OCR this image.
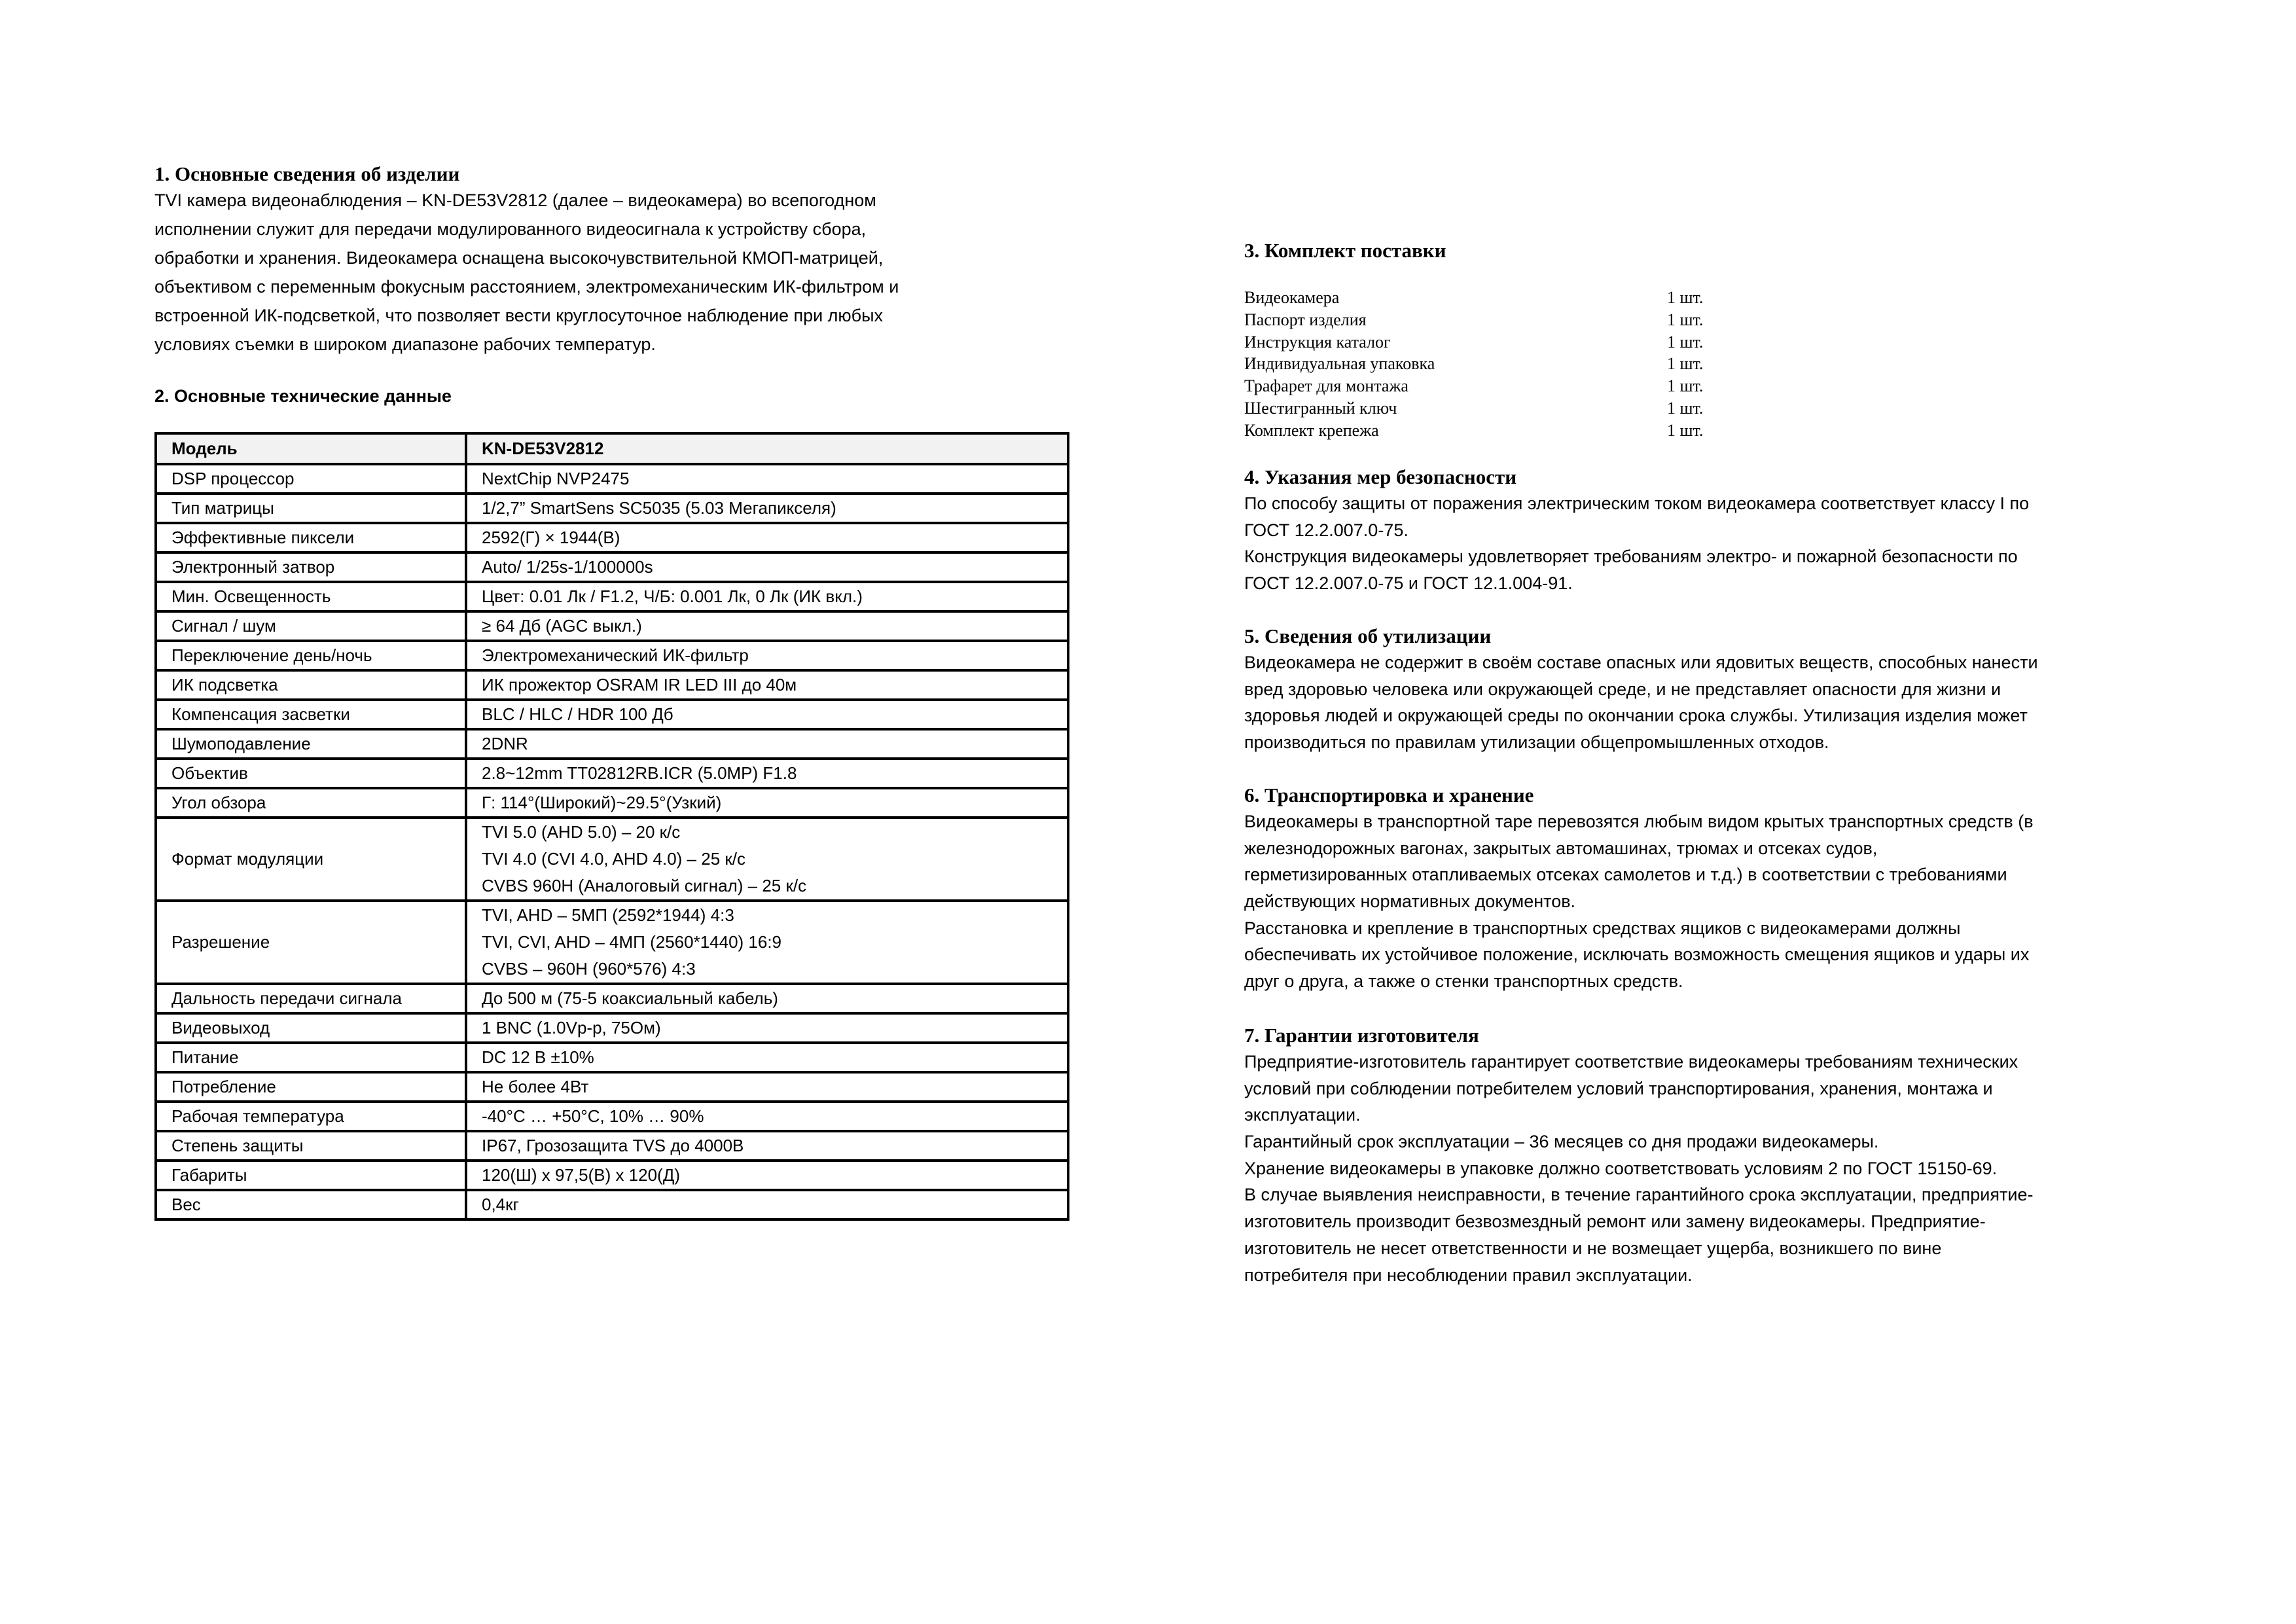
1. Основные сведения об изделии
TVI камера видеонаблюдения – KN-DE53V2812 (далее – видеокамера) во всепогодном
исполнении служит для передачи модулированного видеосигнала к устройству сбора,
обработки и хранения. Видеокамера оснащена высокочувствительной КМОП-матрицей,
объективом с переменным фокусным расстоянием, электромеханическим ИК-фильтром и
встроенной ИК-подсветкой, что позволяет вести круглосуточное наблюдение при любых
условиях съемки в широком диапазоне рабочих температур.
2. Основные технические данные
Модель	KN-DE53V2812

DSP процессор	NextChip NVP2475

Тип матрицы	1/2,7” SmartSens SC5035 (5.03 Мегапикселя)

Эффективные пиксели	2592(Г) × 1944(В)

Электронный затвор	Auto/ 1/25s-1/100000s

Мин. Освещенность	Цвет: 0.01 Лк / F1.2, Ч/Б: 0.001 Лк, 0 Лк (ИК вкл.)

Сигнал / шум	≥ 64 Дб (AGC выкл.)

Переключение день/ночь	Электромеханический ИК-фильтр

ИК подсветка	ИК прожектор OSRAM IR LED III до 40м

Компенсация засветки	BLC / HLC / HDR 100 Дб

Шумоподавление	2DNR

Объектив	2.8~12mm TT02812RB.ICR (5.0MP) F1.8

Угол обзора	Г: 114°(Широкий)~29.5°(Узкий)

Формат модуляции	TVI 5.0 (AHD 5.0) – 20 к/с
TVI 4.0 (CVI 4.0, AHD 4.0) – 25 к/с
CVBS 960H (Аналоговый сигнал) – 25 к/с

Разрешение	TVI, AHD – 5МП (2592*1944) 4:3
TVI, CVI, AHD – 4МП (2560*1440) 16:9
CVBS – 960H (960*576) 4:3

Дальность передачи сигнала	До 500 м (75-5 коаксиальный кабель)

Видеовыход	1 BNC (1.0Vp-p, 75Ом)

Питание	DC 12 В ±10%

Потребление	Не более 4Вт

Рабочая температура	-40°C … +50°C, 10% … 90%

Степень защиты	IP67, Грозозащита TVS до 4000В

Габариты	120(Ш) x 97,5(В) x 120(Д)

Вес	0,4кг
3. Комплект поставки
Видеокамера	1 шт.
Паспорт изделия	1 шт.
Инструкция каталог	1 шт.
Индивидуальная упаковка	1 шт.
Трафарет для монтажа	1 шт.
Шестигранный ключ	1 шт.
Комплект крепежа	1 шт.
4. Указания мер безопасности
По способу защиты от поражения электрическим током видеокамера соответствует классу I по
ГОСТ 12.2.007.0-75.
Конструкция видеокамеры удовлетворяет требованиям электро- и пожарной безопасности по
ГОСТ 12.2.007.0-75 и ГОСТ 12.1.004-91.
5. Сведения об утилизации
Видеокамера не содержит в своём составе опасных или ядовитых веществ, способных нанести
вред здоровью человека или окружающей среде, и не представляет опасности для жизни и
здоровья людей и окружающей среды по окончании срока службы. Утилизация изделия может
производиться по правилам утилизации общепромышленных отходов.
6. Транспортировка и хранение
Видеокамеры в транспортной таре перевозятся любым видом крытых транспортных средств (в
железнодорожных вагонах, закрытых автомашинах, трюмах и отсеках судов,
герметизированных отапливаемых отсеках самолетов и т.д.) в соответствии с требованиями
действующих нормативных документов.
Расстановка и крепление в транспортных средствах ящиков с видеокамерами должны
обеспечивать их устойчивое положение, исключать возможность смещения ящиков и удары их
друг о друга, а также о стенки транспортных средств.
7. Гарантии изготовителя
Предприятие-изготовитель гарантирует соответствие видеокамеры требованиям технических
условий при соблюдении потребителем условий транспортирования, хранения, монтажа и
эксплуатации.
Гарантийный срок эксплуатации – 36 месяцев со дня продажи видеокамеры.
Хранение видеокамеры в упаковке должно соответствовать условиям 2 по ГОСТ 15150-69.
В случае выявления неисправности, в течение гарантийного срока эксплуатации, предприятие-
изготовитель производит безвозмездный ремонт или замену видеокамеры. Предприятие-
изготовитель не несет ответственности и не возмещает ущерба, возникшего по вине
потребителя при несоблюдении правил эксплуатации.
